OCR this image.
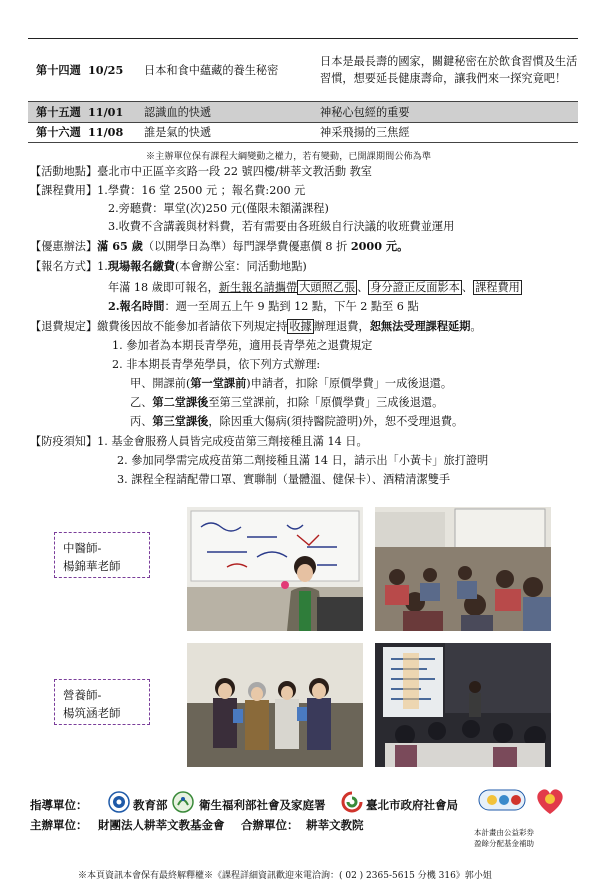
第十四週 10/25	日本和食中蘊藏的養生秘密
日本是最長壽的國家，關鍵秘密在於飲食習慣及生活習慣，想要延長健康壽命，讓我們來一探究竟吧！
第十五週 11/01	認識血的快遞	神秘心包經的重要
第十六週 11/08	誰是氣的快遞	神采飛揚的三焦經
※主辦單位保有課程大綱變動之權力，若有變動，已開課期間公佈為準
【活動地點】臺北市中正區辛亥路一段 22 號四樓/耕莘文教活動 教室
【課程費用】1.學費：16 堂 2500 元 ；報名費:200 元
2.旁聽費：單堂(次)250 元(僅限未額滿課程)
3.收費不含講義與材料費，若有需要由各班級自行決議的收班費並運用
【優惠辦法】滿 65 歲（以開學日為準）每門課學費優惠價 8 折 2000 元。
【報名方式】1.現場報名繳費(本會辦公室：同活動地點)
年滿 18 歲即可報名，新生報名請攜帶 大頭照乙張 、 身分證正反面影本 、 課程費用
2.報名時間：週一至周五上午 9 點到 12 點，下午 2 點至 6 點
【退費規定】繳費後因故不能參加者請依下列規定持 收據 辦理退費，恕無法受理課程延期。
1. 參加者為本期長青學苑，適用長青學苑之退費規定
2. 非本期長青學苑學員，依下列方式辦理:
甲、開課前(第一堂課前)申請者，扣除「原價學費」一成後退還。
乙、第二堂課後至第三堂課前，扣除「原價學費」三成後退還。
丙、第三堂課後，除因重大傷病(須持醫院證明)外，恕不受理退費。
【防疫須知】1. 基金會服務人員皆完成疫苗第三劑接種且滿 14 日。
2. 參加同學需完成疫苗第二劑接種且滿 14 日，請示出「小黃卡」旅打證明
3. 課程全程請配帶口罩、實聯制（量體溫、健保卡）、酒精清潔雙手
中醫師-
楊錦華老師
營養師-
楊筑涵老師
指導單位：	教育部	衛生福利部社會及家庭署	臺北市政府社會局
主辦單位： 財團法人耕莘文教基金會 合辦單位： 耕莘文教院
本計畫由公益彩券
盈餘分配基金補助
※本頁資訊本會保有最終解釋權※《課程詳細資訊歡迎來電洽詢：( 02 ) 2365-5615 分機 316》郭小姐
